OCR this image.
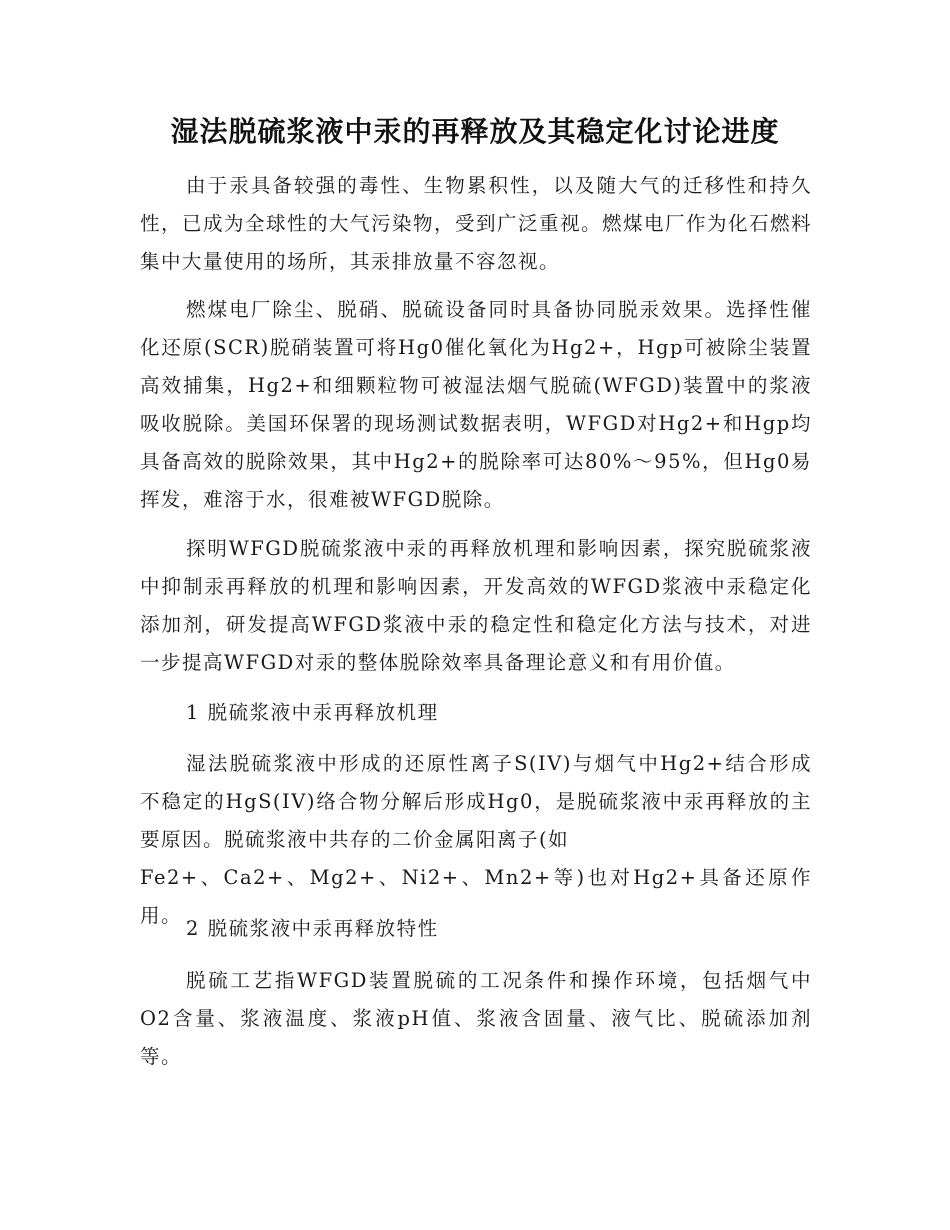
湿法脱硫浆液中汞的再释放及其稳定化讨论进度

由于汞具备较强的毒性、生物累积性，以及随大气的迁移性和持久性，已成为全球性的大气污染物，受到广泛重视。燃煤电厂作为化石燃料集中大量使用的场所，其汞排放量不容忽视。

燃煤电厂除尘、脱硝、脱硫设备同时具备协同脱汞效果。选择性催化还原(SCR)脱硝装置可将Hg0催化氧化为Hg2+，Hgp可被除尘装置高效捕集，Hg2+和细颗粒物可被湿法烟气脱硫(WFGD)装置中的浆液吸收脱除。美国环保署的现场测试数据表明，WFGD对Hg2+和Hgp均具备高效的脱除效果，其中Hg2+的脱除率可达80%～95%，但Hg0易挥发，难溶于水，很难被WFGD脱除。

探明WFGD脱硫浆液中汞的再释放机理和影响因素，探究脱硫浆液中抑制汞再释放的机理和影响因素，开发高效的WFGD浆液中汞稳定化添加剂，研发提高WFGD浆液中汞的稳定性和稳定化方法与技术，对进一步提高WFGD对汞的整体脱除效率具备理论意义和有用价值。

1 脱硫浆液中汞再释放机理

湿法脱硫浆液中形成的还原性离子S(IV)与烟气中Hg2+结合形成不稳定的HgS(IV)络合物分解后形成Hg0，是脱硫浆液中汞再释放的主要原因。脱硫浆液中共存的二价金属阳离子(如

Fe2+、Ca2+、Mg2+、Ni2+、Mn2+等)也对Hg2+具备还原作用。

2 脱硫浆液中汞再释放特性

脱硫工艺指WFGD装置脱硫的工况条件和操作环境，包括烟气中O2含量、浆液温度、浆液pH值、浆液含固量、液气比、脱硫添加剂等。
